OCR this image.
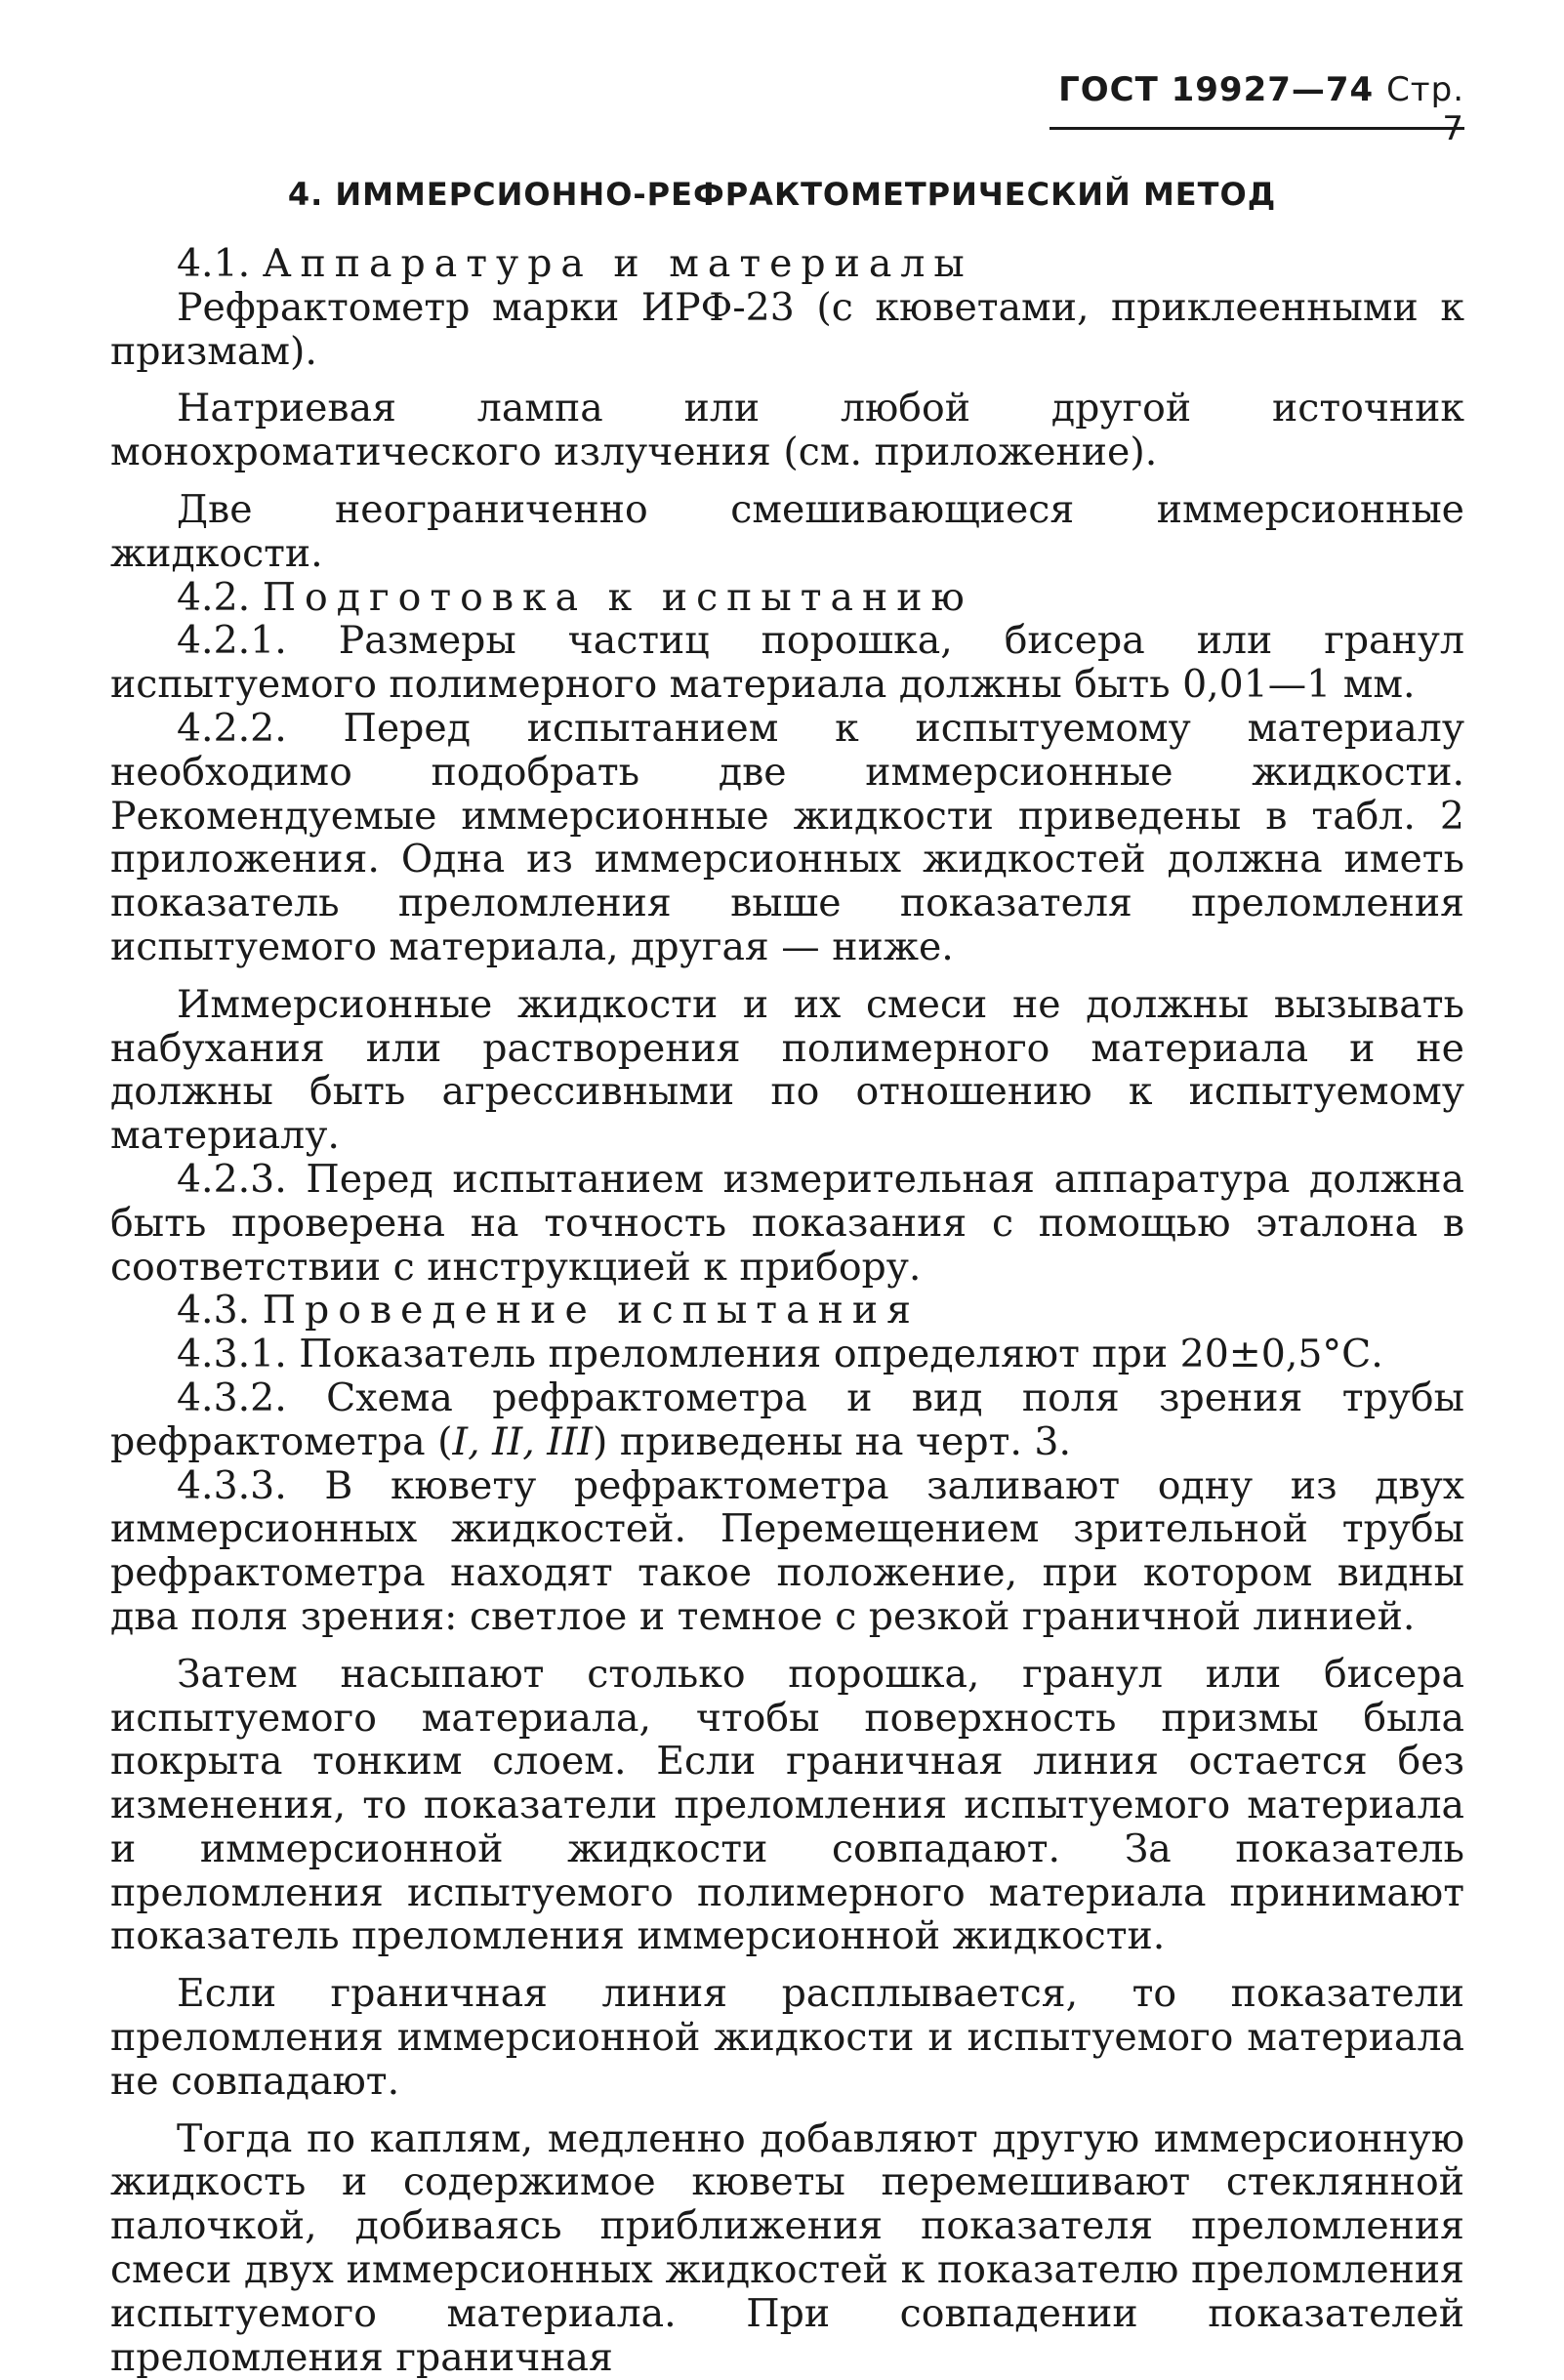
ГОСТ 19927—74 Стр. 7
4. ИММЕРСИОННО-РЕФРАКТОМЕТРИЧЕСКИЙ МЕТОД

4.1. Аппаратура и материалы

Рефрактометр марки ИРФ-23 (с кюветами, приклеенными к призмам).

Натриевая лампа или любой другой источник монохроматического излучения (см. приложение).

Две неограниченно смешивающиеся иммерсионные жидкости.

4.2. Подготовка к испытанию

4.2.1. Размеры частиц порошка, бисера или гранул испытуемого полимерного материала должны быть 0,01—1 мм.

4.2.2. Перед испытанием к испытуемому материалу необходимо подобрать две иммерсионные жидкости. Рекомендуемые иммерсионные жидкости приведены в табл. 2 приложения. Одна из иммерсионных жидкостей должна иметь показатель преломления выше показателя преломления испытуемого материала, другая — ниже.

Иммерсионные жидкости и их смеси не должны вызывать набухания или растворения полимерного материала и не должны быть агрессивными по отношению к испытуемому материалу.

4.2.3. Перед испытанием измерительная аппаратура должна быть проверена на точность показания с помощью эталона в соответствии с инструкцией к прибору.

4.3. Проведение испытания

4.3.1. Показатель преломления определяют при 20±0,5°С.

4.3.2. Схема рефрактометра и вид поля зрения трубы рефрактометра (I, II, III) приведены на черт. 3.

4.3.3. В кювету рефрактометра заливают одну из двух иммерсионных жидкостей. Перемещением зрительной трубы рефрактометра находят такое положение, при котором видны два поля зрения: светлое и темное с резкой граничной линией.

Затем насыпают столько порошка, гранул или бисера испытуемого материала, чтобы поверхность призмы была покрыта тонким слоем. Если граничная линия остается без изменения, то показатели преломления испытуемого материала и иммерсионной жидкости совпадают. За показатель преломления испытуемого полимерного материала принимают показатель преломления иммерсионной жидкости.

Если граничная линия расплывается, то показатели преломления иммерсионной жидкости и испытуемого материала не совпадают.

Тогда по каплям, медленно добавляют другую иммерсионную жидкость и содержимое кюветы перемешивают стеклянной палочкой, добиваясь приближения показателя преломления смеси двух иммерсионных жидкостей к показателю преломления испытуемого материала. При совпадении показателей преломления граничная
